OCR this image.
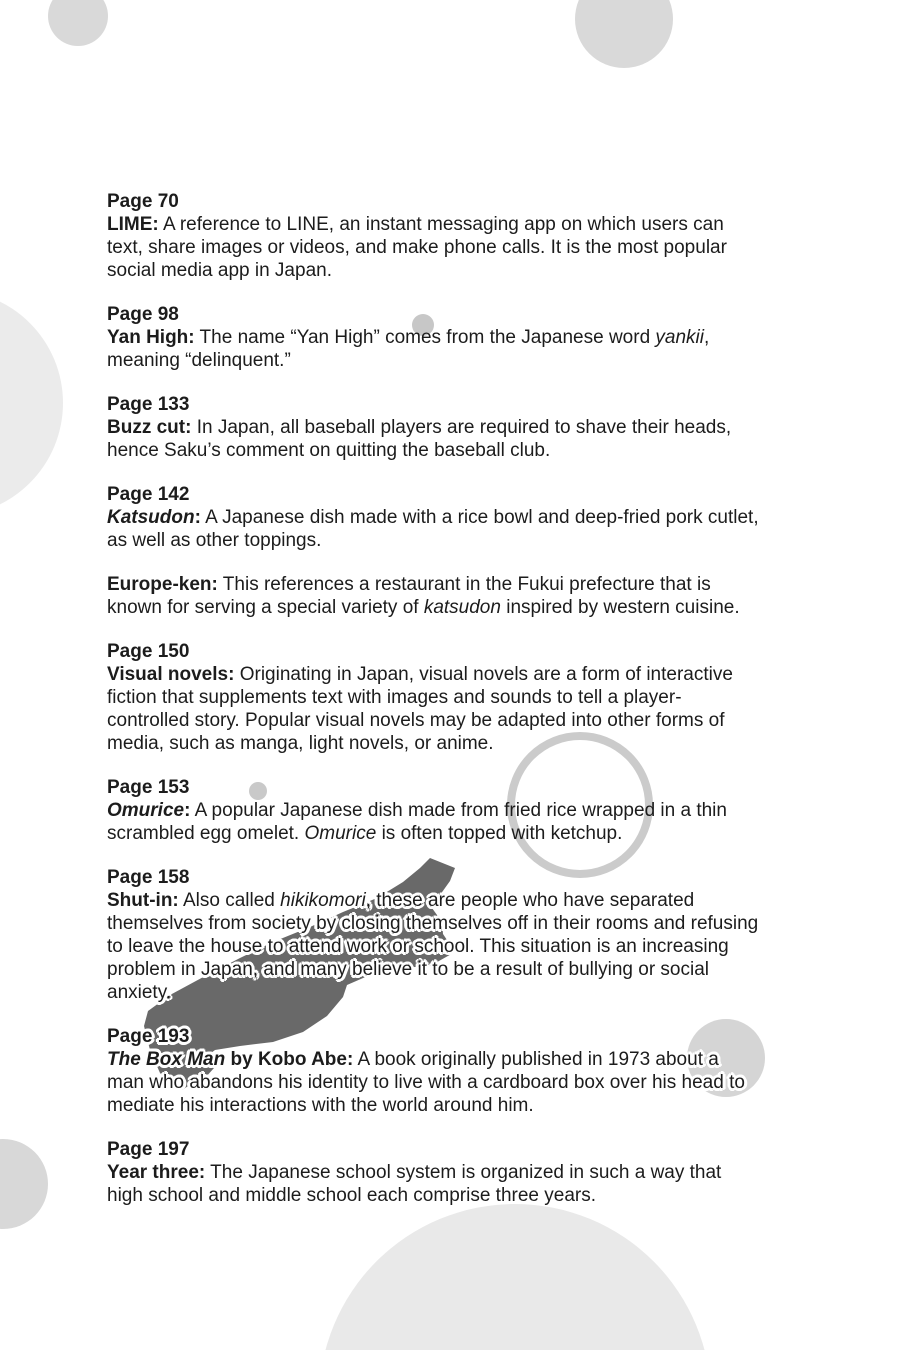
Page 70
LIME: A reference to LINE, an instant messaging app on which users can
text, share images or videos, and make phone calls. It is the most popular
social media app in Japan.
Page 98
Yan High: The name “Yan High” comes from the Japanese word yankii,
meaning “delinquent.”
Page 133
Buzz cut: In Japan, all baseball players are required to shave their heads,
hence Saku’s comment on quitting the baseball club.
Page 142
Katsudon: A Japanese dish made with a rice bowl and deep-fried pork cutlet,
as well as other toppings.
Europe-ken: This references a restaurant in the Fukui prefecture that is
known for serving a special variety of katsudon inspired by western cuisine.
Page 150
Visual novels: Originating in Japan, visual novels are a form of interactive
fiction that supplements text with images and sounds to tell a player-
controlled story. Popular visual novels may be adapted into other forms of
media, such as manga, light novels, or anime.
Page 153
Omurice: A popular Japanese dish made from fried rice wrapped in a thin
scrambled egg omelet. Omurice is often topped with ketchup.
Page 158
Shut-in: Also called hikikomori, these are people who have separated
themselves from society by closing themselves off in their rooms and refusing
to leave the house to attend work or school. This situation is an increasing
problem in Japan, and many believe it to be a result of bullying or social
anxiety.
Page 193
The Box Man by Kobo Abe: A book originally published in 1973 about a
man who abandons his identity to live with a cardboard box over his head to
mediate his interactions with the world around him.
Page 197
Year three: The Japanese school system is organized in such a way that
high school and middle school each comprise three years.
